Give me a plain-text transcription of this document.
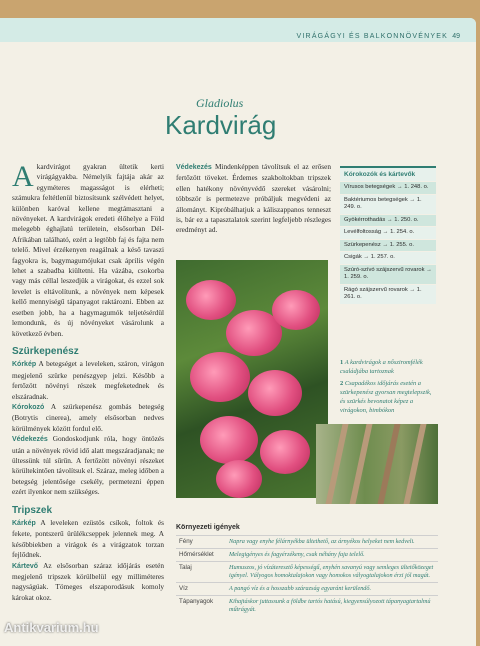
VIRÁGÁGYI ÉS BALKONNÖVÉNYEK 49
Gladiolus
Kardvirág
A kardvirágot gyakran ültetik kerti virágágyakba. Némelyik fajtája akár az egyméteres magasságot is elérheti; számukra feltétlenül biztosítsunk szélvédett helyet, különben karóval kellene megtámasztani a növényeket. A kardvirágok eredeti élőhelye a Föld melegebb éghajlatú területein, elsősorban Dél-Afrikában található, ezért a legtöbb faj és fajta nem telelő. Mivel érzékenyen reagálnak a késő tavaszi fagyokra is, bagymagumójukat csak április végén lehet a szabadba kiültetni. Ha vázába, csokorba vagy más céllal leszedjük a virágokat, és ezzel sok levelet is eltávolítunk, a növények nem képesek kellő mennyiségű tápanyagot raktározni. Ebben az esetben jobb, ha a hagymagumók teljetésérdül lemondunk, és új növényeket vásárolunk a következő évben.
Szürkepenész
Kórkép A betegséget a leveleken, száron, virágon megjelenő szürke penészgyep jelzi. Később a fertőzött növényi részek megfeketednek és elszáradnak.
Kórokozó A szürkepenész gombás betegség (Botrytis cinerea), amely elsősorban nedves körülmények között fordul elő.
Védekezés Gondoskodjunk róla, hogy öntözés után a növények rövid idő alatt megszáradjanak; ne ültessünk túl sűrűn. A fertőzött növényi részeket körültekintően távolítsuk el. Száraz, meleg időben a betegség jelentősége csekély, permetezni éppen ezért ilyenkor nem szükséges.
Tripszek
Kárkép A leveleken ezüstös csíkok, foltok és fekete, pontszerű ürülékcseppek jelennek meg. A későbbiekben a virágok és a virágzatok torzan fejlődnek.
Kártevő Az elsősorban száraz időjárás esetén megjelenő tripszek körülbelül egy milliméteres nagyságúak. Tömeges elszaporodásuk komoly károkat okoz.
Védekezés Mindenképpen távolítsuk el az erősen fertőzött töveket. Érdemes szakboltokban tripszek ellen hatékony növényvédő szereket vásárolni; többször is permetezve próbáljuk megvédeni az állományt. Kipróbálhatjuk a káliszappanos tenneszt is, bár ez a tapasztalatok szerint legfeljebb részleges eredményt ad.
Kórokozók és kártevők
Vírusos betegségek → 1. 248. o.
Baktériumos betegségek → 1. 249. o.
Gyökérrothadás → 1. 250. o.
Levélfoltosság → 1. 254. o.
Szürkepenész → 1. 255. o.
Csigák → 1. 257. o.
Szúró-szívó szájszervű rovarok → 1. 259. o.
Rágó szájszervű rovarok → 1. 261. o.
1 A kardvirágok a nősziromfélék családjába tartoznak
2 Csapadékos időjárás esetén a szürkepenész gyorsan megtelepszik, és szürkés bevonatot képez a virágokon, bimbókon
Környezeti igények
Fény	Napra vagy enyhe félárnyékba ültethető, az árnyékos helyeket nem kedveli.
Hőmérséklet	Melegigényes és fagyérzékeny, csak néhány faja telelő.
Talaj	Humuszos, jó vízáteresztő képességű, enyhén savanyú vagy semleges ültetőközeget igényel. Vályogos homoktalajokon vagy homokos vályogtalajokon érzi jól magát.
Víz	A pangó víz és a hosszabb szárazság egyaránt kerülendő.
Tápanyagok	Kihajtáskor juttassunk a földbe tartós hatású, kiegyensúlyozott tápanyagtartalmú műtrágyát.
Antikvarium.hu
